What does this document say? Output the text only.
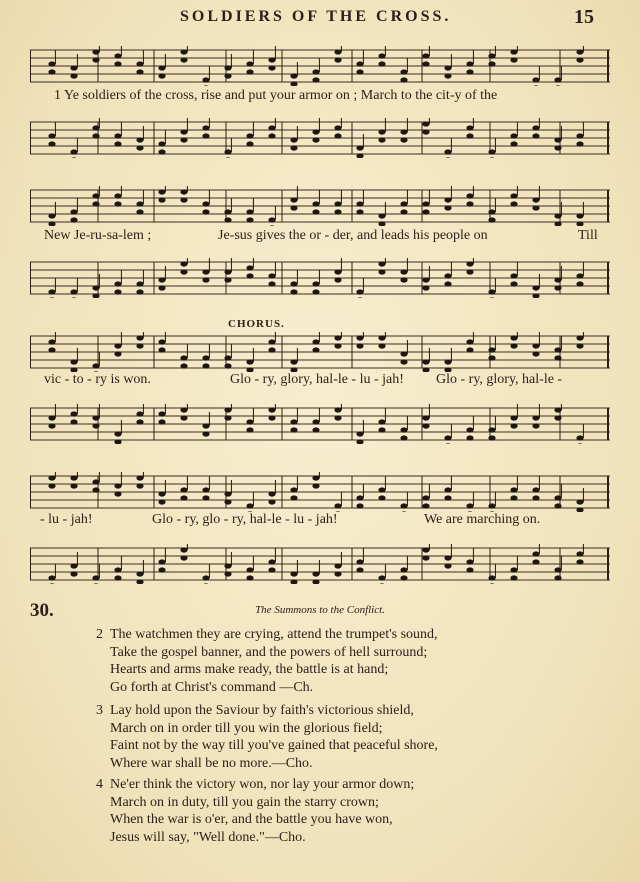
SOLDIERS OF THE CROSS.	15
1 Ye soldiers of the cross, rise and put your armor on ; March to the cit-y of the
New Je-ru-sa-lem ;	Je-sus gives the or - der, and leads his people on	Till
CHORUS.
vic - to - ry is won.	Glo - ry, glory, hal-le - lu - jah! Glo - ry, glory, hal-le -
- lu - jah!	Glo - ry, glo - ry, hal-le - lu - jah!	We are marching on.
30.	The Summons to the Conflict.
2 The watchmen they are crying, attend the trumpet's sound,
Take the gospel banner, and the powers of hell surround;
Hearts and arms make ready, the battle is at hand;
Go forth at Christ's command —Ch.
3 Lay hold upon the Saviour by faith's victorious shield,
March on in order till you win the glorious field;
Faint not by the way till you've gained that peaceful shore,
Where war shall be no more.—Cho.
4 Ne'er think the victory won, nor lay your armor down;
March on in duty, till you gain the starry crown;
When the war is o'er, and the battle you have won,
Jesus will say, "Well done."—Cho.
